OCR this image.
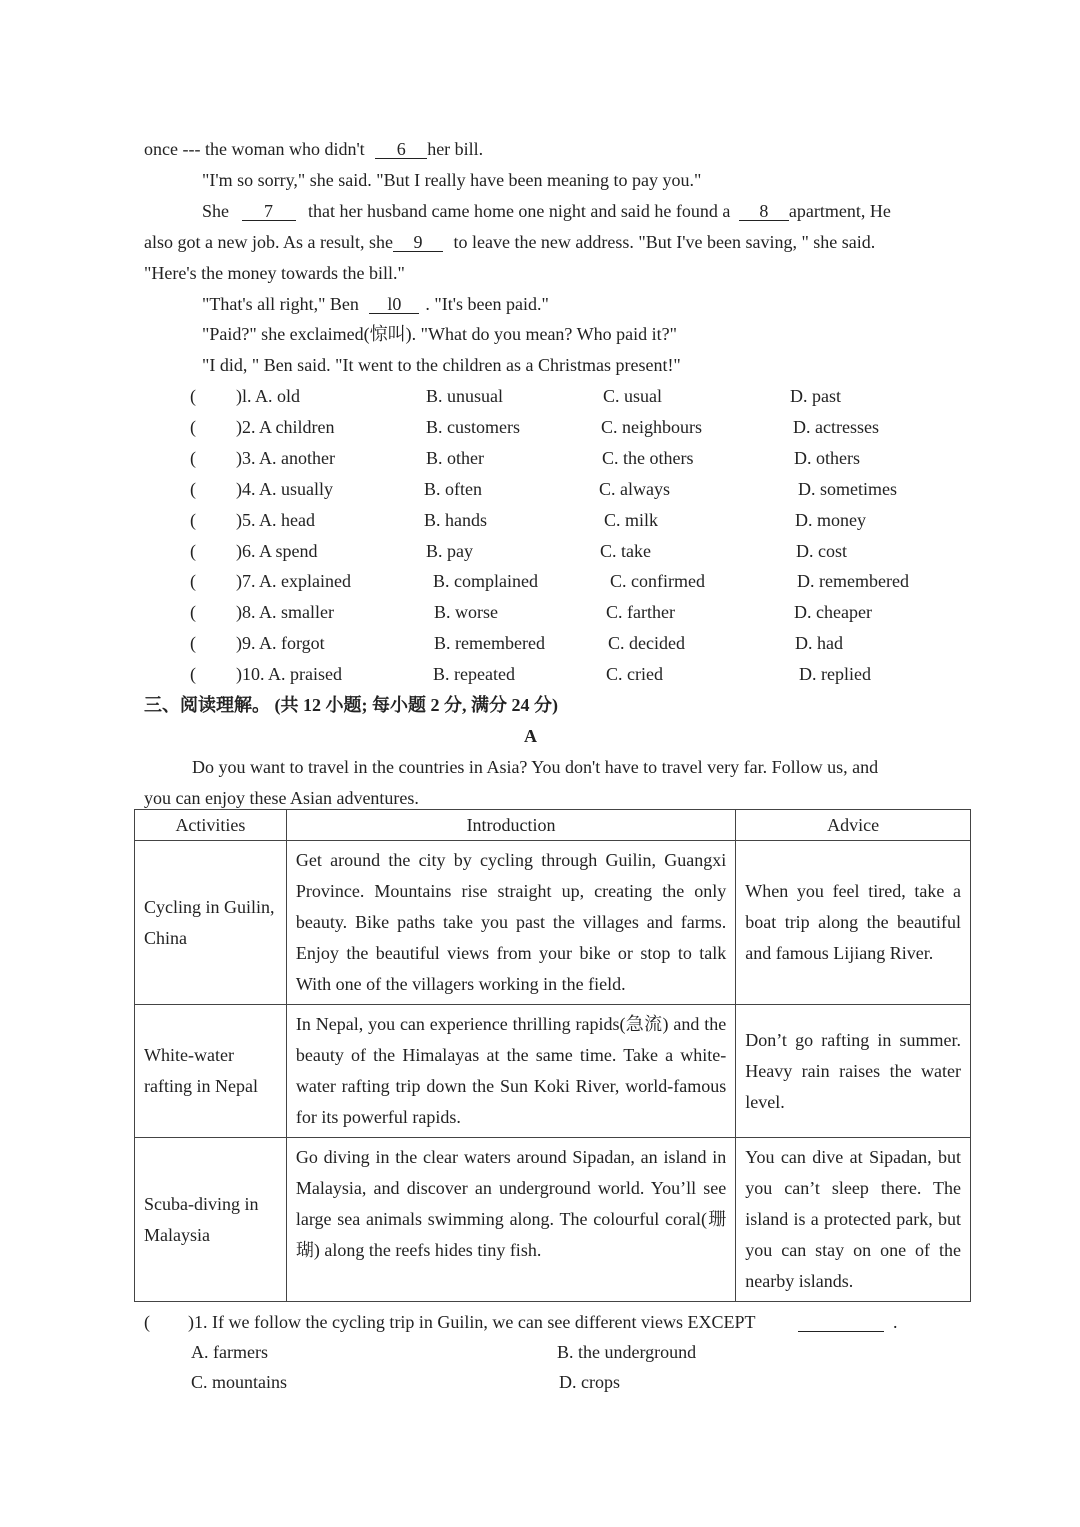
once --- the woman who didn't 6 her bill.
"I'm so sorry," she said. "But I really have been meaning to pay you."
She 7 that her husband came home one night and said he found a 8 apartment, He
also got a new job. As a result, she 9 to leave the new address. "But I've been saving, " she said.
"Here's the money towards the bill."
"That's all right," Ben l0 . "It's been paid."
"Paid?" she exclaimed(惊叫). "What do you mean? Who paid it?"
"I did, " Ben said. "It went to the children as a Christmas present!"
( )l. A. old	B. unusual	C. usual	D. past
( )2. A children	B. customers	C. neighbours	D. actresses
( )3. A. another	B. other	C. the others	D. others
( )4. A. usually	B. often	C. always	D. sometimes
( )5. A. head	B. hands	C. milk	D. money
( )6. A spend	B. pay	C. take	D. cost
( )7. A. explained	B. complained	C. confirmed	D. remembered
( )8. A. smaller	B. worse	C. farther	D. cheaper
( )9. A. forgot	B. remembered	C. decided	D. had
( )10. A. praised	B. repeated	C. cried	D. replied
三、阅读理解。 (共 12 小题; 每小题 2 分, 满分 24 分)
A
Do you want to travel in the countries in Asia? You don't have to travel very far. Follow us, and
you can enjoy these Asian adventures.
Activities	Introduction	Advice
Cycling in Guilin, China	Get around the city by cycling through Guilin, Guangxi Province. Mountains rise straight up, creating the only beauty. Bike paths take you past the villages and farms. Enjoy the beautiful views from your bike or stop to talk With one of the villagers working in the field.	When you feel tired, take a boat trip along the beautiful and famous Lijiang River.
White-water rafting in Nepal	In Nepal, you can experience thrilling rapids(急流) and the beauty of the Himalayas at the same time. Take a white-water rafting trip down the Sun Koki River, world-famous for its powerful rapids.	Don’t go rafting in summer. Heavy rain raises the water level.
Scuba-diving in Malaysia	Go diving in the clear waters around Sipadan, an island in Malaysia, and discover an underground world. You’ll see large sea animals swimming along. The colourful coral(珊瑚) along the reefs hides tiny fish.	You can dive at Sipadan, but you can’t sleep there. The island is a protected park, but you can stay on one of the nearby islands.
( )1. If we follow the cycling trip in Guilin, we can see different views EXCEPT	.
A. farmers	B. the underground
C. mountains	D. crops
